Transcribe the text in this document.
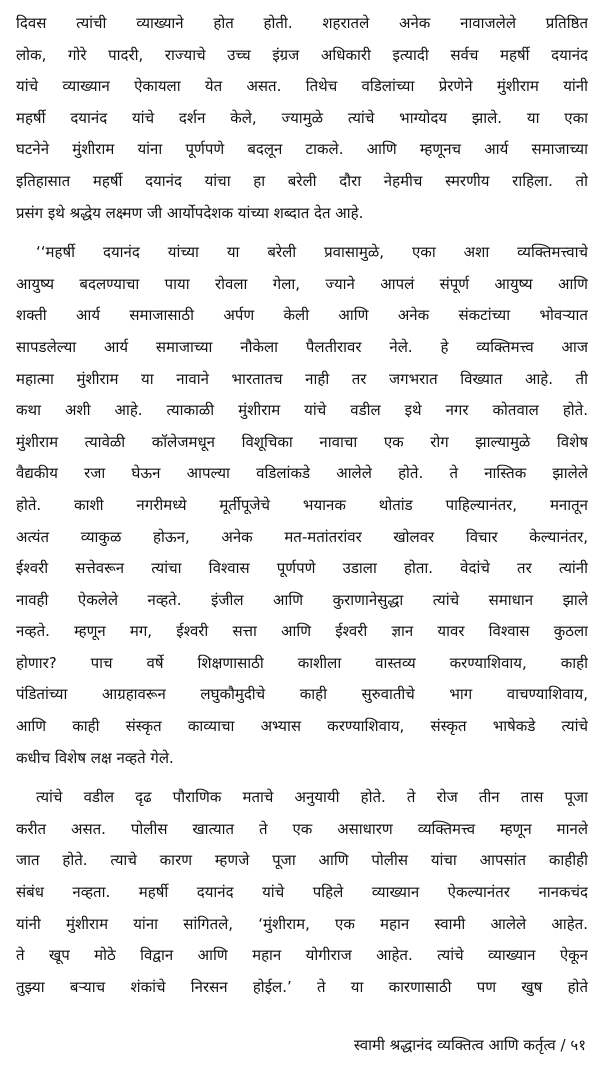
दिवस त्यांची व्याख्याने होत होती. शहरातले अनेक नावाजलेले प्रतिष्ठित
लोक, गोरे पादरी, राज्याचे उच्च इंग्रज अधिकारी इत्यादी सर्वच महर्षी दयानंद
यांचे व्याख्यान ऐकायला येत असत. तिथेच वडिलांच्या प्रेरणेने मुंशीराम यांनी
महर्षी दयानंद यांचे दर्शन केले, ज्यामुळे त्यांचे भाग्योदय झाले. या एका
घटनेने मुंशीराम यांना पूर्णपणे बदलून टाकले. आणि म्हणूनच आर्य समाजाच्या
इतिहासात महर्षी दयानंद यांचा हा बरेली दौरा नेहमीच स्मरणीय राहिला. तो
प्रसंग इथे श्रद्धेय लक्ष्मण जी आर्योपदेशक यांच्या शब्दात देत आहे.

‘‘महर्षी दयानंद यांच्या या बरेली प्रवासामुळे, एका अशा व्यक्तिमत्त्वाचे
आयुष्य बदलण्याचा पाया रोवला गेला, ज्याने आपलं संपूर्ण आयुष्य आणि
शक्ती आर्य समाजासाठी अर्पण केली आणि अनेक संकटांच्या भोवऱ्यात
सापडलेल्या आर्य समाजाच्या नौकेला पैलतीरावर नेले. हे व्यक्तिमत्त्व आज
महात्मा मुंशीराम या नावाने भारतातच नाही तर जगभरात विख्यात आहे. ती
कथा अशी आहे. त्याकाळी मुंशीराम यांचे वडील इथे नगर कोतवाल होते.
मुंशीराम त्यावेळी कॉलेजमधून विशूचिका नावाचा एक रोग झाल्यामुळे विशेष
वैद्यकीय रजा घेऊन आपल्या वडिलांकडे आलेले होते. ते नास्तिक झालेले
होते. काशी नगरीमध्ये मूर्तीपूजेचे भयानक थोतांड पाहिल्यानंतर, मनातून
अत्यंत व्याकुळ होऊन, अनेक मत-मतांतरांवर खोलवर विचार केल्यानंतर,
ईश्वरी सत्तेवरून त्यांचा विश्वास पूर्णपणे उडाला होता. वेदांचे तर त्यांनी
नावही ऐकलेले नव्हते. इंजील आणि कुराणानेसुद्धा त्यांचे समाधान झाले
नव्हते. म्हणून मग, ईश्वरी सत्ता आणि ईश्वरी ज्ञान यावर विश्वास कुठला
होणार? पाच वर्षे शिक्षणासाठी काशीला वास्तव्य करण्याशिवाय, काही
पंडितांच्या आग्रहावरून लघुकौमुदीचे काही सुरुवातीचे भाग वाचण्याशिवाय,
आणि काही संस्कृत काव्याचा अभ्यास करण्याशिवाय, संस्कृत भाषेकडे त्यांचे
कधीच विशेष लक्ष नव्हते गेले.

त्यांचे वडील दृढ पौराणिक मताचे अनुयायी होते. ते रोज तीन तास पूजा
करीत असत. पोलीस खात्यात ते एक असाधारण व्यक्तिमत्त्व म्हणून मानले
जात होते. त्याचे कारण म्हणजे पूजा आणि पोलीस यांचा आपसांत काहीही
संबंध नव्हता. महर्षी दयानंद यांचे पहिले व्याख्यान ऐकल्यानंतर नानकचंद
यांनी मुंशीराम यांना सांगितले, ‘मुंशीराम, एक महान स्वामी आलेले आहेत.
ते खूप मोठे विद्वान आणि महान योगीराज आहेत. त्यांचे व्याख्यान ऐकून
तुझ्या बऱ्याच शंकांचे निरसन होईल.’ ते या कारणासाठी पण खुष होते

स्वामी श्रद्धानंद व्यक्तित्व आणि कर्तृत्व / ५१
